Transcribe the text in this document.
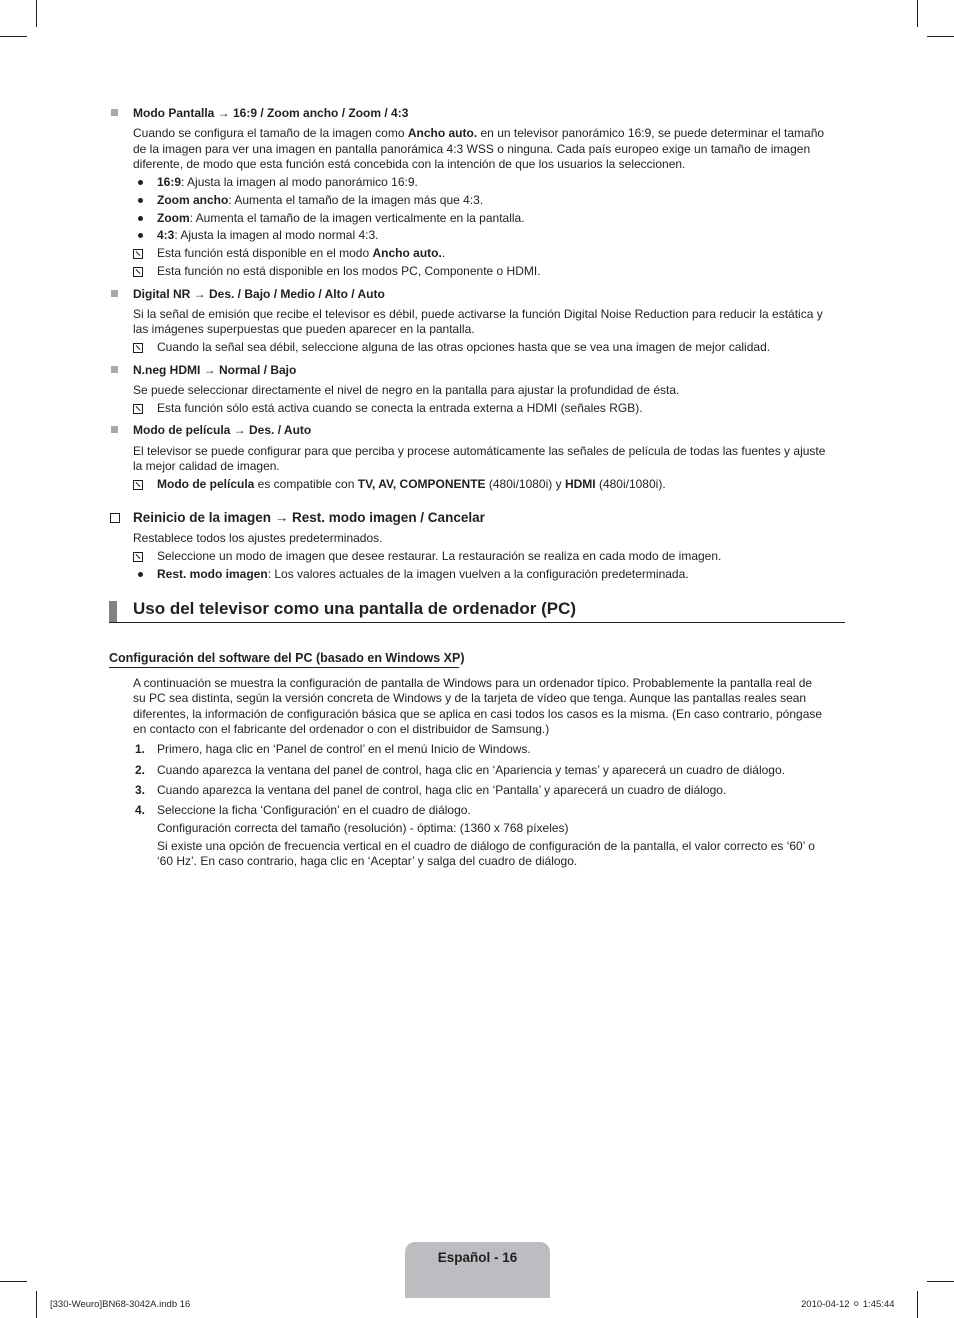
Modo Pantalla → 16:9 / Zoom ancho / Zoom / 4:3
Cuando se configura el tamaño de la imagen como Ancho auto. en un televisor panorámico 16:9, se puede determinar el tamaño
de la imagen para ver una imagen en pantalla panorámica 4:3 WSS o ninguna. Cada país europeo exige un tamaño de imagen
diferente, de modo que esta función está concebida con la intención de que los usuarios la seleccionen.
16:9: Ajusta la imagen al modo panorámico 16:9.
Zoom ancho: Aumenta el tamaño de la imagen más que 4:3.
Zoom: Aumenta el tamaño de la imagen verticalmente en la pantalla.
4:3: Ajusta la imagen al modo normal 4:3.
Esta función está disponible en el modo Ancho auto..
Esta función no está disponible en los modos PC, Componente o HDMI.
Digital NR → Des. / Bajo / Medio / Alto / Auto
Si la señal de emisión que recibe el televisor es débil, puede activarse la función Digital Noise Reduction para reducir la estática y
las imágenes superpuestas que pueden aparecer en la pantalla.
Cuando la señal sea débil, seleccione alguna de las otras opciones hasta que se vea una imagen de mejor calidad.
N.neg HDMI → Normal / Bajo
Se puede seleccionar directamente el nivel de negro en la pantalla para ajustar la profundidad de ésta.
Esta función sólo está activa cuando se conecta la entrada externa a HDMI (señales RGB).
Modo de película → Des. / Auto
El televisor se puede configurar para que perciba y procese automáticamente las señales de película de todas las fuentes y ajuste
la mejor calidad de imagen.
Modo de película es compatible con TV, AV, COMPONENTE (480i/1080i) y HDMI (480i/1080i).
Reinicio de la imagen → Rest. modo imagen / Cancelar
Restablece todos los ajustes predeterminados.
Seleccione un modo de imagen que desee restaurar. La restauración se realiza en cada modo de imagen.
Rest. modo imagen: Los valores actuales de la imagen vuelven a la configuración predeterminada.
Uso del televisor como una pantalla de ordenador (PC)
Configuración del software del PC (basado en Windows XP)
A continuación se muestra la configuración de pantalla de Windows para un ordenador típico. Probablemente la pantalla real de
su PC sea distinta, según la versión concreta de Windows y de la tarjeta de vídeo que tenga. Aunque las pantallas reales sean
diferentes, la información de configuración básica que se aplica en casi todos los casos es la misma. (En caso contrario, póngase
en contacto con el fabricante del ordenador o con el distribuidor de Samsung.)
1. Primero, haga clic en ‘Panel de control’ en el menú Inicio de Windows.
2. Cuando aparezca la ventana del panel de control, haga clic en ‘Apariencia y temas’ y aparecerá un cuadro de diálogo.
3. Cuando aparezca la ventana del panel de control, haga clic en ‘Pantalla’ y aparecerá un cuadro de diálogo.
4. Seleccione la ficha ‘Configuración’ en el cuadro de diálogo.
Configuración correcta del tamaño (resolución) - óptima: (1360 x 768 píxeles)
Si existe una opción de frecuencia vertical en el cuadro de diálogo de configuración de la pantalla, el valor correcto es ‘60’ o
‘60 Hz’. En caso contrario, haga clic en ‘Aceptar’ y salga del cuadro de diálogo.
Español - 16
[330-Weuro]BN68-3042A.indb 16	2010-04-12 ⚪ 1:45:44
